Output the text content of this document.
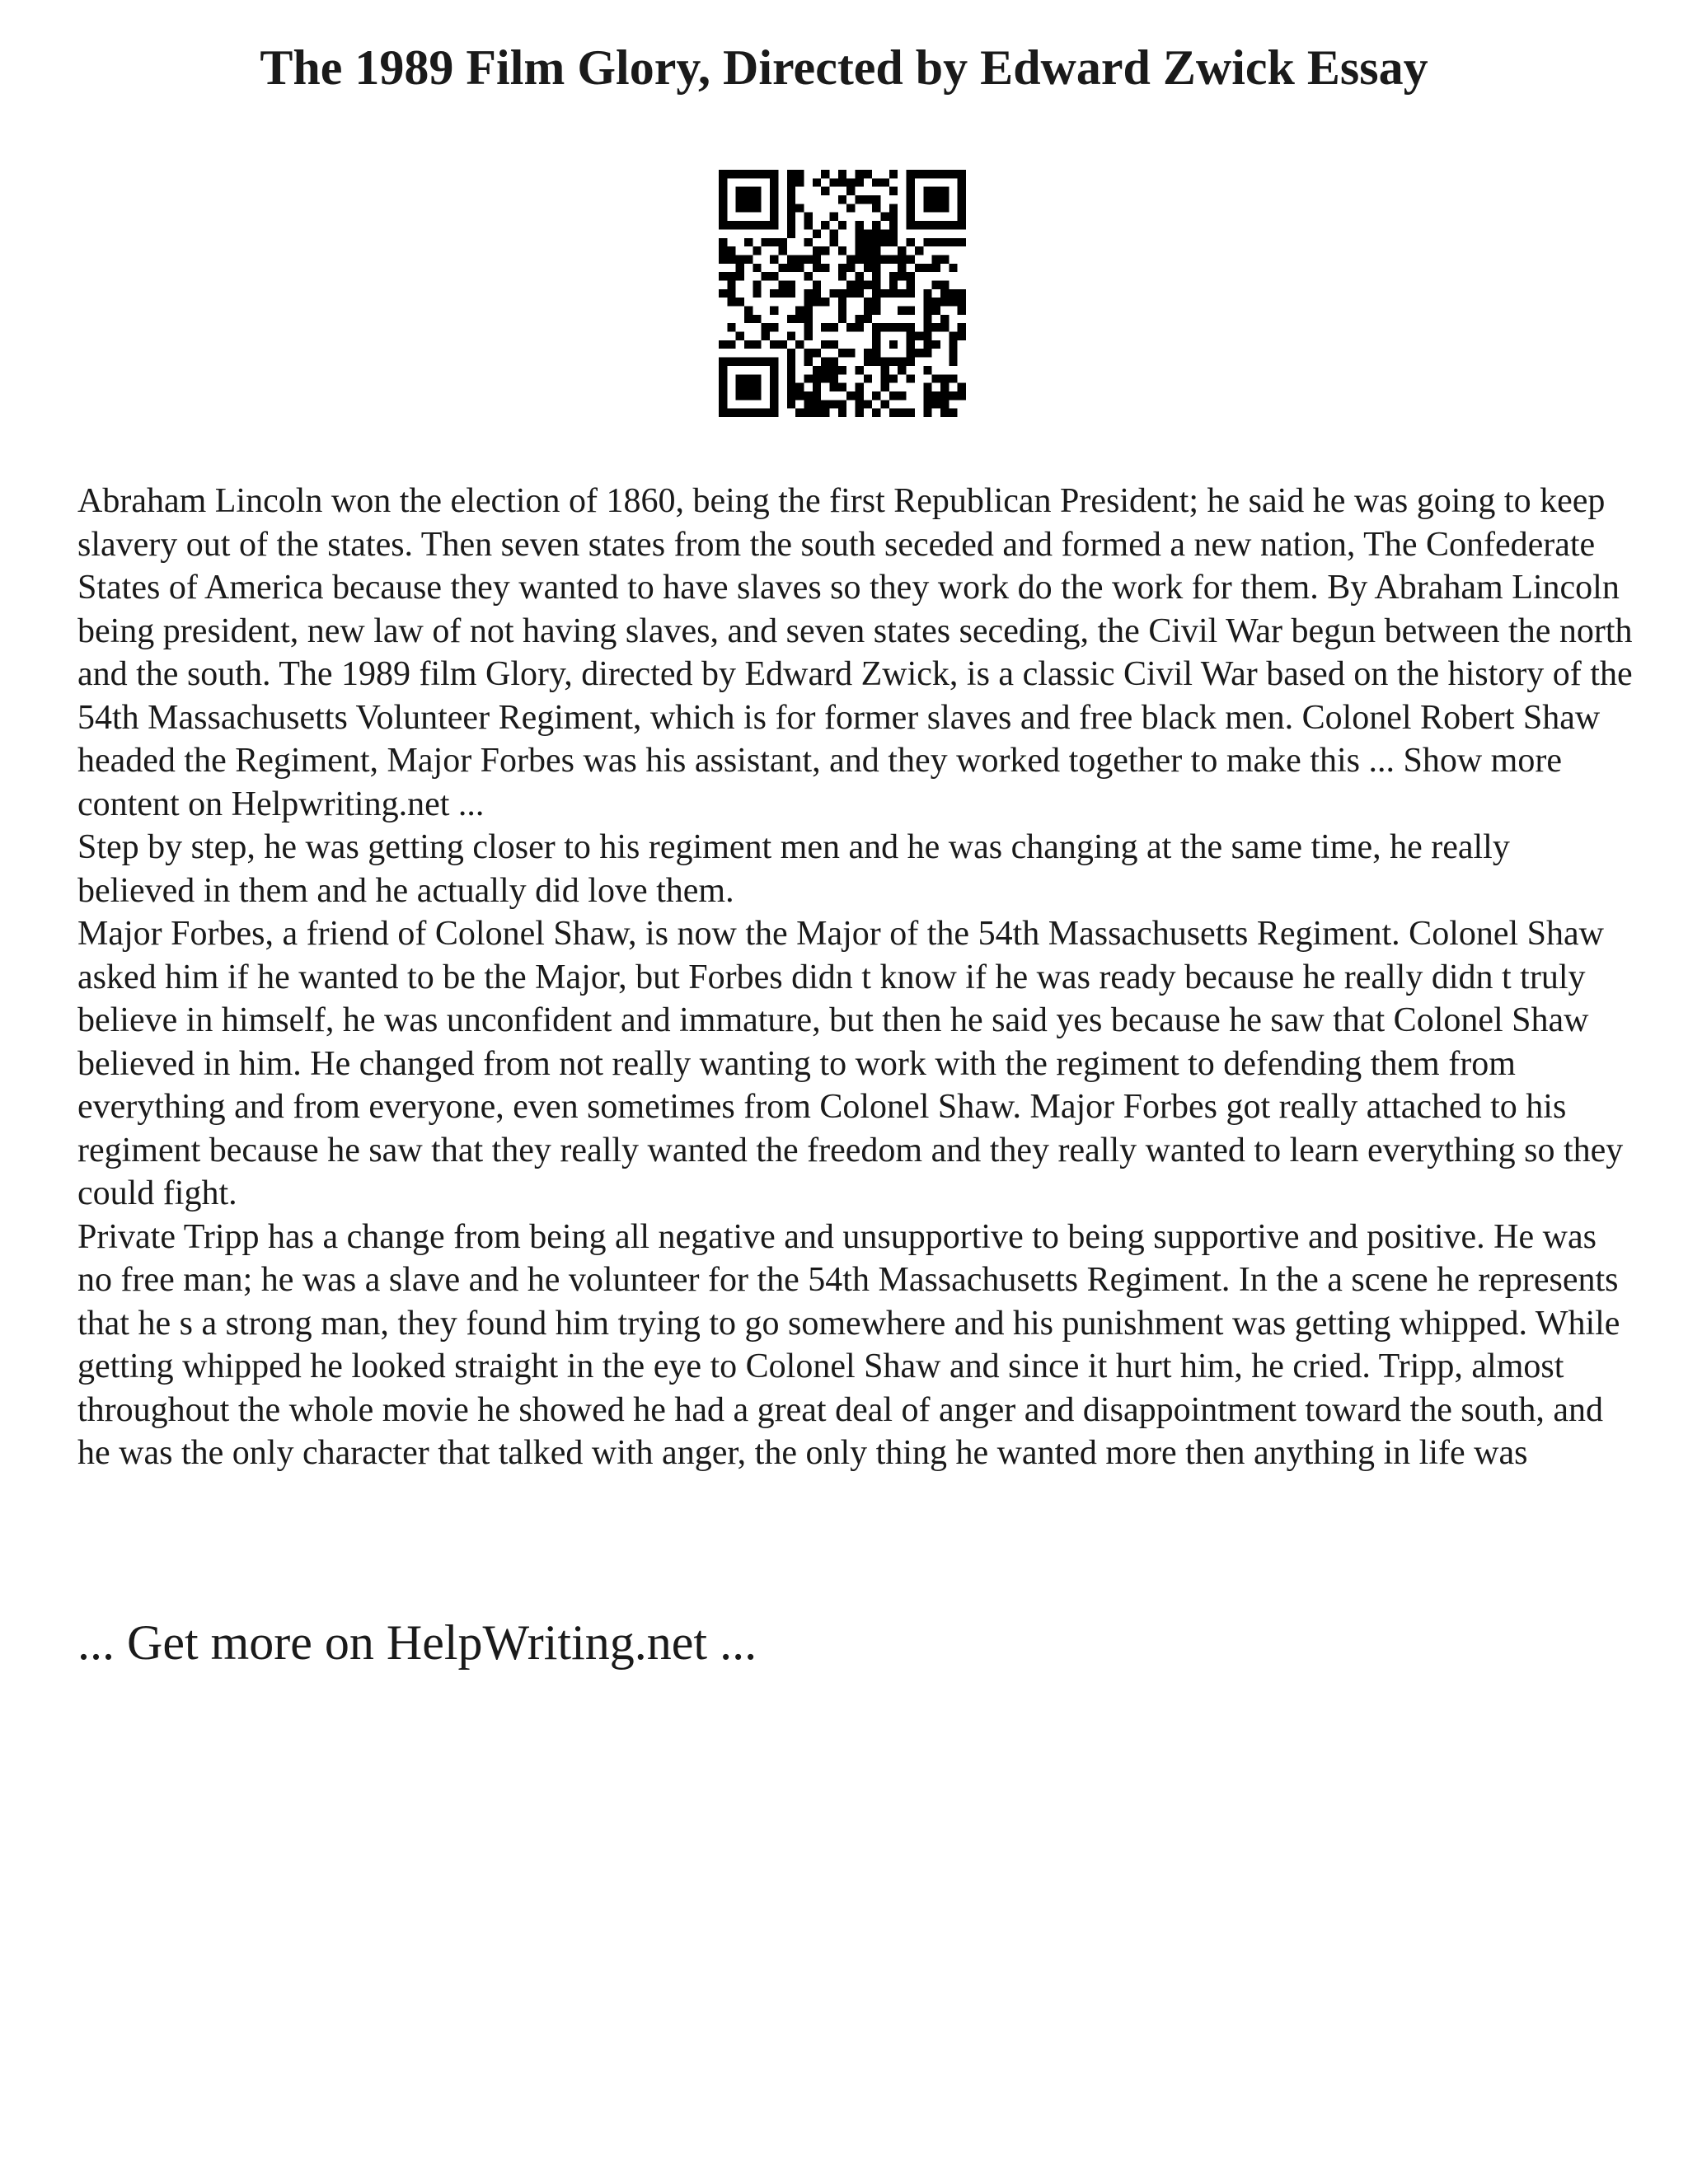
The 1989 Film Glory, Directed by Edward Zwick Essay

Abraham Lincoln won the election of 1860, being the first Republican President; he said he was going to keep slavery out of the states. Then seven states from the south seceded and formed a new nation, The Confederate States of America because they wanted to have slaves so they work do the work for them. By Abraham Lincoln being president, new law of not having slaves, and seven states seceding, the Civil War begun between the north and the south. The 1989 film Glory, directed by Edward Zwick, is a classic Civil War based on the history of the 54th Massachusetts Volunteer Regiment, which is for former slaves and free black men. Colonel Robert Shaw headed the Regiment, Major Forbes was his assistant, and they worked together to make this ... Show more content on Helpwriting.net ...

Step by step, he was getting closer to his regiment men and he was changing at the same time, he really believed in them and he actually did love them.

Major Forbes, a friend of Colonel Shaw, is now the Major of the 54th Massachusetts Regiment. Colonel Shaw asked him if he wanted to be the Major, but Forbes didn t know if he was ready because he really didn t truly believe in himself, he was unconfident and immature, but then he said yes because he saw that Colonel Shaw believed in him. He changed from not really wanting to work with the regiment to defending them from everything and from everyone, even sometimes from Colonel Shaw. Major Forbes got really attached to his regiment because he saw that they really wanted the freedom and they really wanted to learn everything so they could fight.

Private Tripp has a change from being all negative and unsupportive to being supportive and positive. He was no free man; he was a slave and he volunteer for the 54th Massachusetts Regiment. In the a scene he represents that he s a strong man, they found him trying to go somewhere and his punishment was getting whipped. While getting whipped he looked straight in the eye to Colonel Shaw and since it hurt him, he cried. Tripp, almost throughout the whole movie he showed he had a great deal of anger and disappointment toward the south, and he was the only character that talked with anger, the only thing he wanted more then anything in life was

... Get more on HelpWriting.net ...
